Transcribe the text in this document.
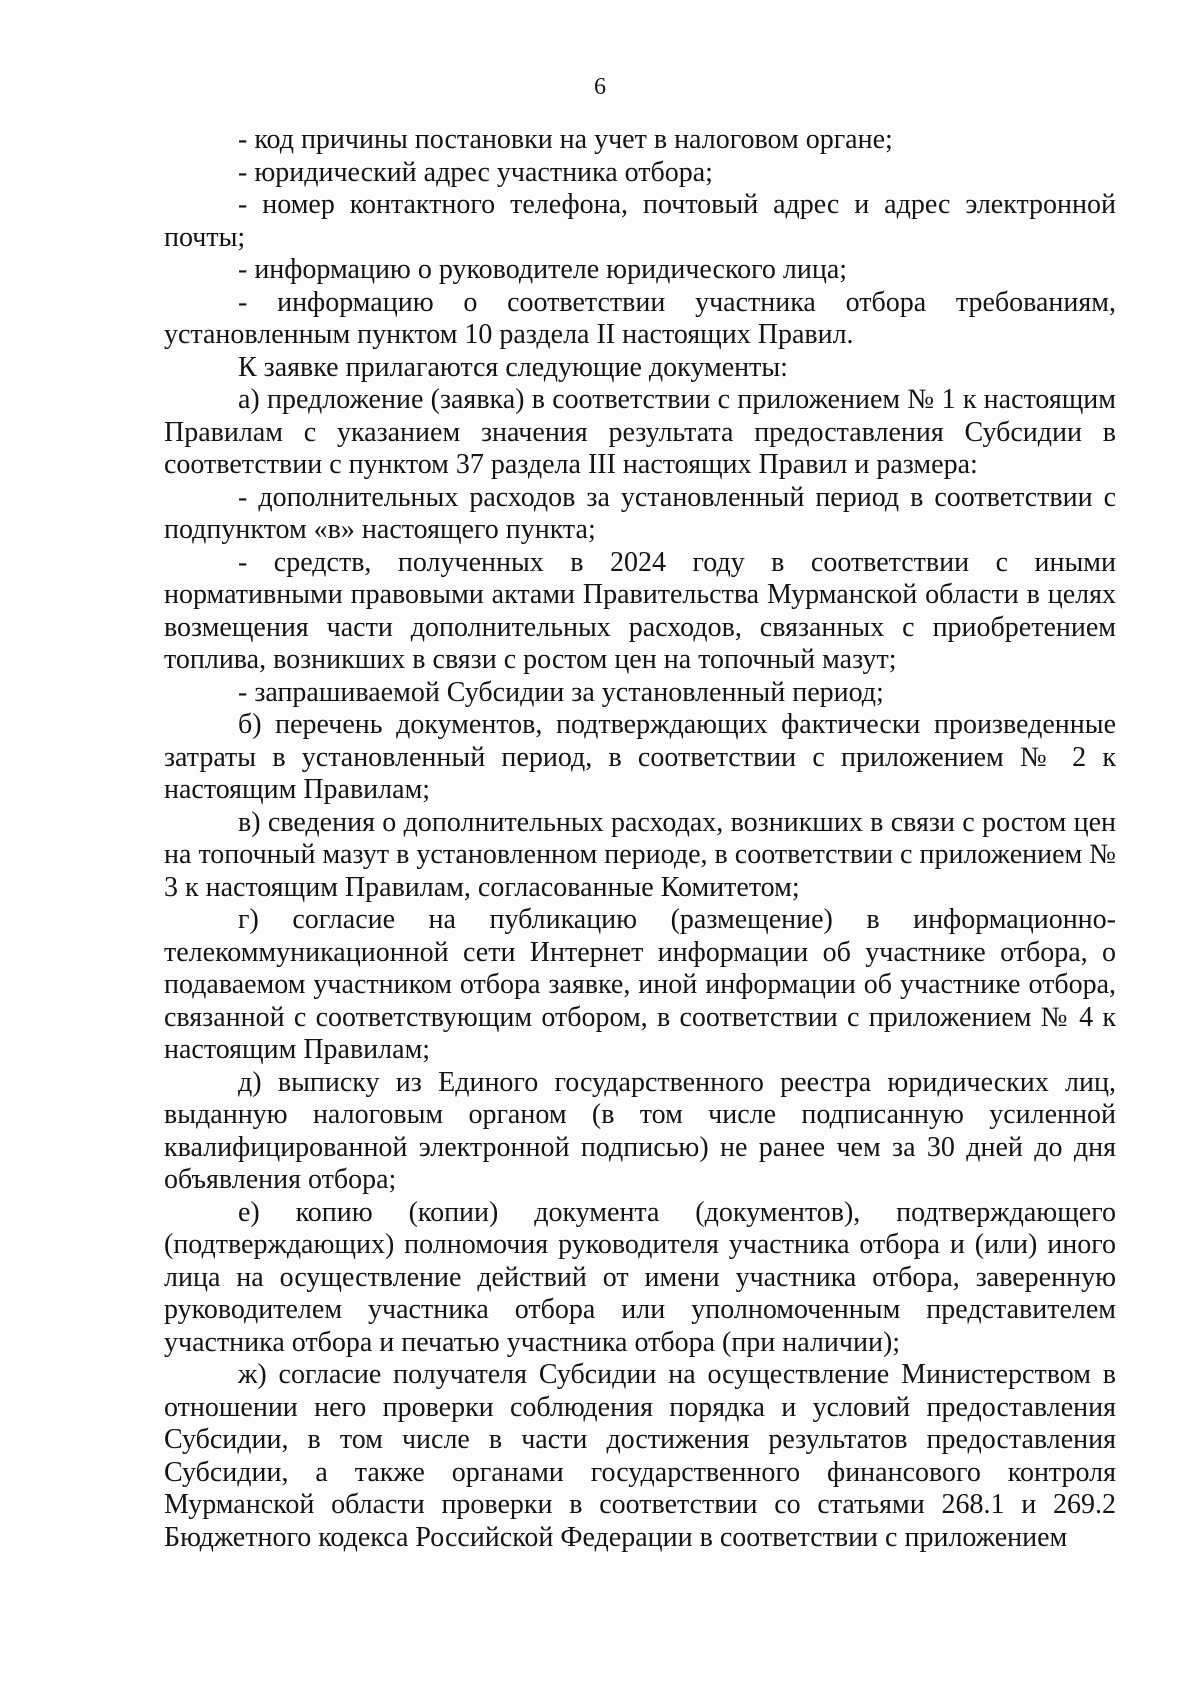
6

- код причины постановки на учет в налоговом органе;

- юридический адрес участника отбора;

- номер контактного телефона, почтовый адрес и адрес электронной почты;

- информацию о руководителе юридического лица;

- информацию о соответствии участника отбора требованиям, установленным пунктом 10 раздела II настоящих Правил.

К заявке прилагаются следующие документы:

а) предложение (заявка) в соответствии с приложением № 1 к настоящим Правилам с указанием значения результата предоставления Субсидии в соответствии с пунктом 37 раздела III настоящих Правил и размера:

- дополнительных расходов за установленный период в соответствии с подпунктом «в» настоящего пункта;

- средств, полученных в 2024 году в соответствии с иными нормативными правовыми актами Правительства Мурманской области в целях возмещения части дополнительных расходов, связанных с приобретением топлива, возникших в связи с ростом цен на топочный мазут;

- запрашиваемой Субсидии за установленный период;

б) перечень документов, подтверждающих фактически произведенные затраты в установленный период, в соответствии с приложением № 2 к настоящим Правилам;

в) сведения о дополнительных расходах, возникших в связи с ростом цен на топочный мазут в установленном периоде, в соответствии с приложением № 3 к настоящим Правилам, согласованные Комитетом;

г) согласие на публикацию (размещение) в информационно-телекоммуникационной сети Интернет информации об участнике отбора, о подаваемом участником отбора заявке, иной информации об участнике отбора, связанной с соответствующим отбором, в соответствии с приложением № 4 к настоящим Правилам;

д) выписку из Единого государственного реестра юридических лиц, выданную налоговым органом (в том числе подписанную усиленной квалифицированной электронной подписью) не ранее чем за 30 дней до дня объявления отбора;

е) копию (копии) документа (документов), подтверждающего (подтверждающих) полномочия руководителя участника отбора и (или) иного лица на осуществление действий от имени участника отбора, заверенную руководителем участника отбора или уполномоченным представителем участника отбора и печатью участника отбора (при наличии);

ж) согласие получателя Субсидии на осуществление Министерством в отношении него проверки соблюдения порядка и условий предоставления Субсидии, в том числе в части достижения результатов предоставления Субсидии, а также органами государственного финансового контроля Мурманской области проверки в соответствии со статьями 268.1 и 269.2 Бюджетного кодекса Российской Федерации в соответствии с приложением
